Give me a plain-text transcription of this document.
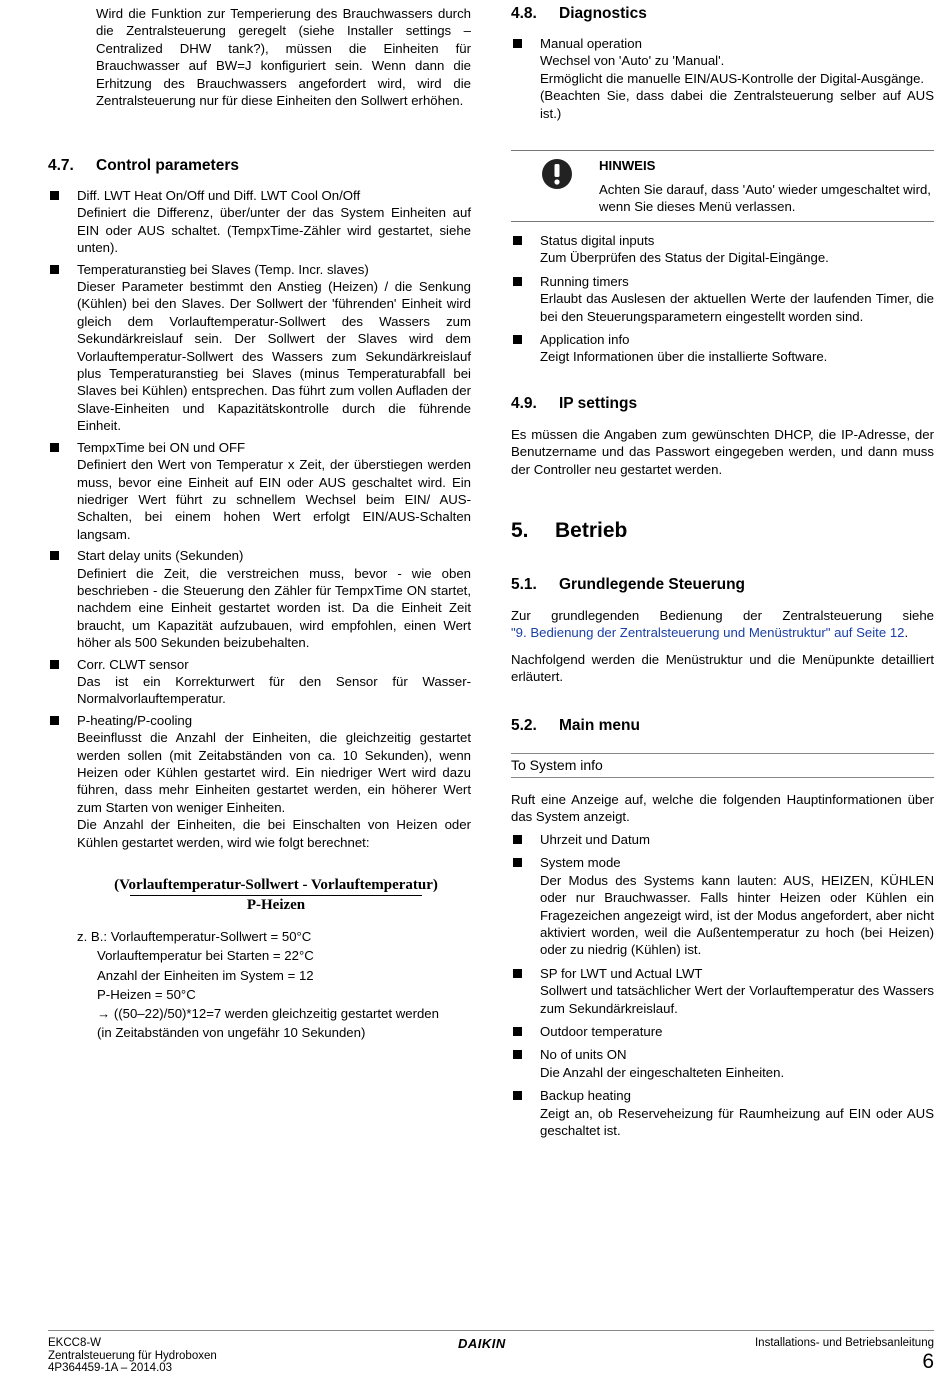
Wird die Funktion zur Temperierung des Brauchwassers durch die Zentralsteuerung geregelt (siehe Installer settings – Centralized DHW tank?), müssen die Einheiten für Brauchwasser auf BW=J konfiguriert sein. Wenn dann die Erhitzung des Brauchwassers angefordert wird, wird die Zentralsteuerung nur für diese Einheiten den Sollwert erhöhen.

4.7. Control parameters

Diff. LWT Heat On/Off und Diff. LWT Cool On/Off

Definiert die Differenz, über/unter der das System Einheiten auf EIN oder AUS schaltet. (TempxTime-Zähler wird gestartet, siehe unten).

Temperaturanstieg bei Slaves (Temp. Incr. slaves)

Dieser Parameter bestimmt den Anstieg (Heizen) / die Senkung (Kühlen) bei den Slaves. Der Sollwert der 'führenden' Einheit wird gleich dem Vorlauftemperatur-Sollwert des Wassers zum Sekundärkreislauf sein. Der Sollwert der Slaves wird dem Vorlauftemperatur-Sollwert des Wassers zum Sekundärkreislauf plus Temperaturanstieg bei Slaves (minus Temperaturabfall bei Slaves bei Kühlen) entsprechen. Das führt zum vollen Aufladen der Slave-Einheiten und Kapazitätskontrolle durch die führende Einheit.

TempxTime bei ON und OFF

Definiert den Wert von Temperatur x Zeit, der überstiegen werden muss, bevor eine Einheit auf EIN oder AUS geschaltet wird. Ein niedriger Wert führt zu schnellem Wechsel beim EIN/ AUS-Schalten, bei einem hohen Wert erfolgt EIN/AUS-Schalten langsam.

Start delay units (Sekunden)

Definiert die Zeit, die verstreichen muss, bevor - wie oben beschrieben - die Steuerung den Zähler für TempxTime ON startet, nachdem eine Einheit gestartet worden ist. Da die Einheit Zeit braucht, um Kapazität aufzubauen, wird empfohlen, einen Wert höher als 500 Sekunden beizubehalten.

Corr. CLWT sensor

Das ist ein Korrekturwert für den Sensor für Wasser-Normalvorlauftemperatur.

P-heating/P-cooling

Beeinflusst die Anzahl der Einheiten, die gleichzeitig gestartet werden sollen (mit Zeitabständen von ca. 10 Sekunden), wenn Heizen oder Kühlen gestartet wird. Ein niedriger Wert wird dazu führen, dass mehr Einheiten gestartet werden, ein höherer Wert zum Starten von weniger Einheiten.

Die Anzahl der Einheiten, die bei Einschalten von Heizen oder Kühlen gestartet werden, wird wie folgt berechnet:

(Vorlauftemperatur-Sollwert - Vorlauftemperatur)
P-Heizen

z. B.: Vorlauftemperatur-Sollwert = 50°C

Vorlauftemperatur bei Starten = 22°C

Anzahl der Einheiten im System = 12

P-Heizen = 50°C

→ ((50–22)/50)*12=7 werden gleichzeitig gestartet werden

(in Zeitabständen von ungefähr 10 Sekunden)

4.8. Diagnostics

Manual operation

Wechsel von 'Auto' zu 'Manual'.

Ermöglicht die manuelle EIN/AUS-Kontrolle der Digital-Ausgänge.

(Beachten Sie, dass dabei die Zentralsteuerung selber auf AUS ist.)

HINWEIS

Achten Sie darauf, dass 'Auto' wieder umgeschaltet wird, wenn Sie dieses Menü verlassen.

Status digital inputs

Zum Überprüfen des Status der Digital-Eingänge.

Running timers

Erlaubt das Auslesen der aktuellen Werte der laufenden Timer, die bei den Steuerungsparametern eingestellt worden sind.

Application info

Zeigt Informationen über die installierte Software.

4.9. IP settings

Es müssen die Angaben zum gewünschten DHCP, die IP-Adresse, der Benutzername und das Passwort eingegeben werden, und dann muss der Controller neu gestartet werden.

5. Betrieb
5.1. Grundlegende Steuerung

Zur grundlegenden Bedienung der Zentralsteuerung siehe

"9. Bedienung der Zentralsteuerung und Menüstruktur" auf Seite 12.

Nachfolgend werden die Menüstruktur und die Menüpunkte detailliert erläutert.

5.2. Main menu
To System info

Ruft eine Anzeige auf, welche die folgenden Hauptinformationen über das System anzeigt.

Uhrzeit und Datum

System mode

Der Modus des Systems kann lauten: AUS, HEIZEN, KÜHLEN oder nur Brauchwasser. Falls hinter Heizen oder Kühlen ein Fragezeichen angezeigt wird, ist der Modus angefordert, aber nicht aktiviert worden, weil die Außentemperatur zu hoch (bei Heizen) oder zu niedrig (Kühlen) ist.

SP for LWT und Actual LWT

Sollwert und tatsächlicher Wert der Vorlauftemperatur des Wassers zum Sekundärkreislauf.

Outdoor temperature

No of units ON

Die Anzahl der eingeschalteten Einheiten.

Backup heating

Zeigt an, ob Reserveheizung für Raumheizung auf EIN oder AUS geschaltet ist.

EKCC8-W

Zentralsteuerung für Hydroboxen

4P364459-1A – 2014.03

DAIKIN	Installations- und Betriebsanleitung

6
